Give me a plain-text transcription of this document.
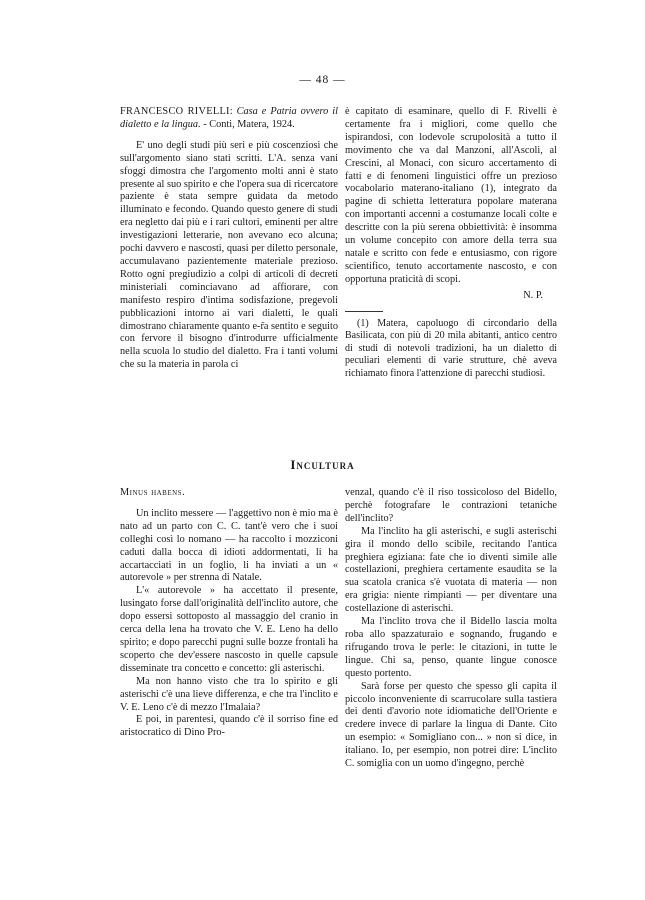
— 48 —

FRANCESCO RIVELLI: Casa e Patria ovvero il dialetto e la lingua. - Conti, Matera, 1924.

E' uno degli studi più seri e più coscenziosi che sull'argomento siano stati scritti. L'A. senza vani sfoggi dimostra che l'argomento molti anni è stato presente al suo spirito e che l'opera sua di ricercatore paziente è stata sempre guidata da metodo illuminato e fecondo. Quando questo genere di studi era negletto dai più e i rari cultori, eminenti per altre investigazioni letterarie, non avevano eco alcuna; pochi davvero e nascosti, quasi per diletto personale, accumulavano pazientemente materiale prezioso. Rotto ogni pregiudizio a colpi di articoli di decreti ministeriali cominciavano ad affiorare, con manifesto respiro d'intima sodisfazione, pregevoli pubblicazioni intorno ai vari dialetti, le quali dimostrano chiaramente quanto e-r̃a sentito e seguito con fervore il bisogno d'introdurre ufficialmente nella scuola lo studio del dialetto. Fra i tanti volumi che su la materia in parola ci

è capitato di esaminare, quello di F. Rivelli è certamente fra i migliori, come quello che ispirandosi, con lodevole scrupolosità a tutto il movimento che va dal Manzoni, all'Ascoli, al Crescini, al Monaci, con sicuro accertamento di fatti e di fenomeni linguistici offre un prezioso vocabolario materano-italiano (1), integrato da pagine di schietta letteratura popolare materana con importanti accenni a costumanze locali colte e descritte con la più serena obbiettività: è insomma un volume concepito con amore della terra sua natale e scritto con fede e entusiasmo, con rigore scientifico, tenuto accortamente nascosto, e con opportuna praticità di scopi.

N. P.

(1) Matera, capoluogo di circondario della Basilicata, con più di 20 mila abitanti, antico centro di studi di notevoli tradizioni, ha un dialetto di peculiari elementi di varie strutture, chè aveva richiamato finora l'attenzione di parecchi studiosi.

Incultura

Minus habens.

Un inclito messere — l'aggettivo non è mio ma è nato ad un parto con C. C. tant'è vero che i suoi colleghi così lo nomano — ha raccolto i mozziconi caduti dalla bocca di idioti addormentati, li ha accartacciati in un foglio, li ha inviati a un « autorevole » per strenna di Natale.

L'« autorevole » ha accettato il presente, lusingato forse dall'originalità dell'inclito autore, che dopo essersi sottoposto al massaggio del cranio in cerca della lena ha trovato che V. E. Leno ha dello spirito; e dopo parecchi pugni sulle bozze frontali ha scoperto che dev'essere nascosto in quelle capsule disseminate tra concetto e concetto: gli asterischi.

Ma non hanno visto che tra lo spirito e gli asterischi c'è una lieve differenza, e che tra l'inclito e V. E. Leno c'è di mezzo l'Imalaia?

E poi, in parentesi, quando c'è il sorriso fine ed aristocratico di Dino Pro-

venzal, quando c'è il riso tossicoloso del Bidello, perchè fotografare le contrazioni tetaniche dell'inclito?

Ma l'inclito ha gli asterischi, e sugli asterischi gira il mondo dello scibile, recitando l'antica preghiera egiziana: fate che io diventi simile alle costellazioni, preghiera certamente esaudita se la sua scatola cranica s'è vuotata di materia — non era grigia: niente rimpianti — per diventare una costellazione di asterischi.

Ma l'inclito trova che il Bidello lascia molta roba allo spazzaturaio e sognando, frugando e rifrugando trova le perle: le citazioni, in tutte le lingue. Chi sa, penso, quante lingue conosce questo portento.

Sarà forse per questo che spesso gli capita il piccolo inconveniente di scarrucolare sulla tastiera dei denti d'avorio note idiomatiche dell'Oriente e credere invece di parlare la lingua di Dante. Cito un esempio: « Somigliano con... » non si dice, in italiano. Io, per esempio, non potrei dire: L'inclito C. somiglia con un uomo d'ingegno, perchè
